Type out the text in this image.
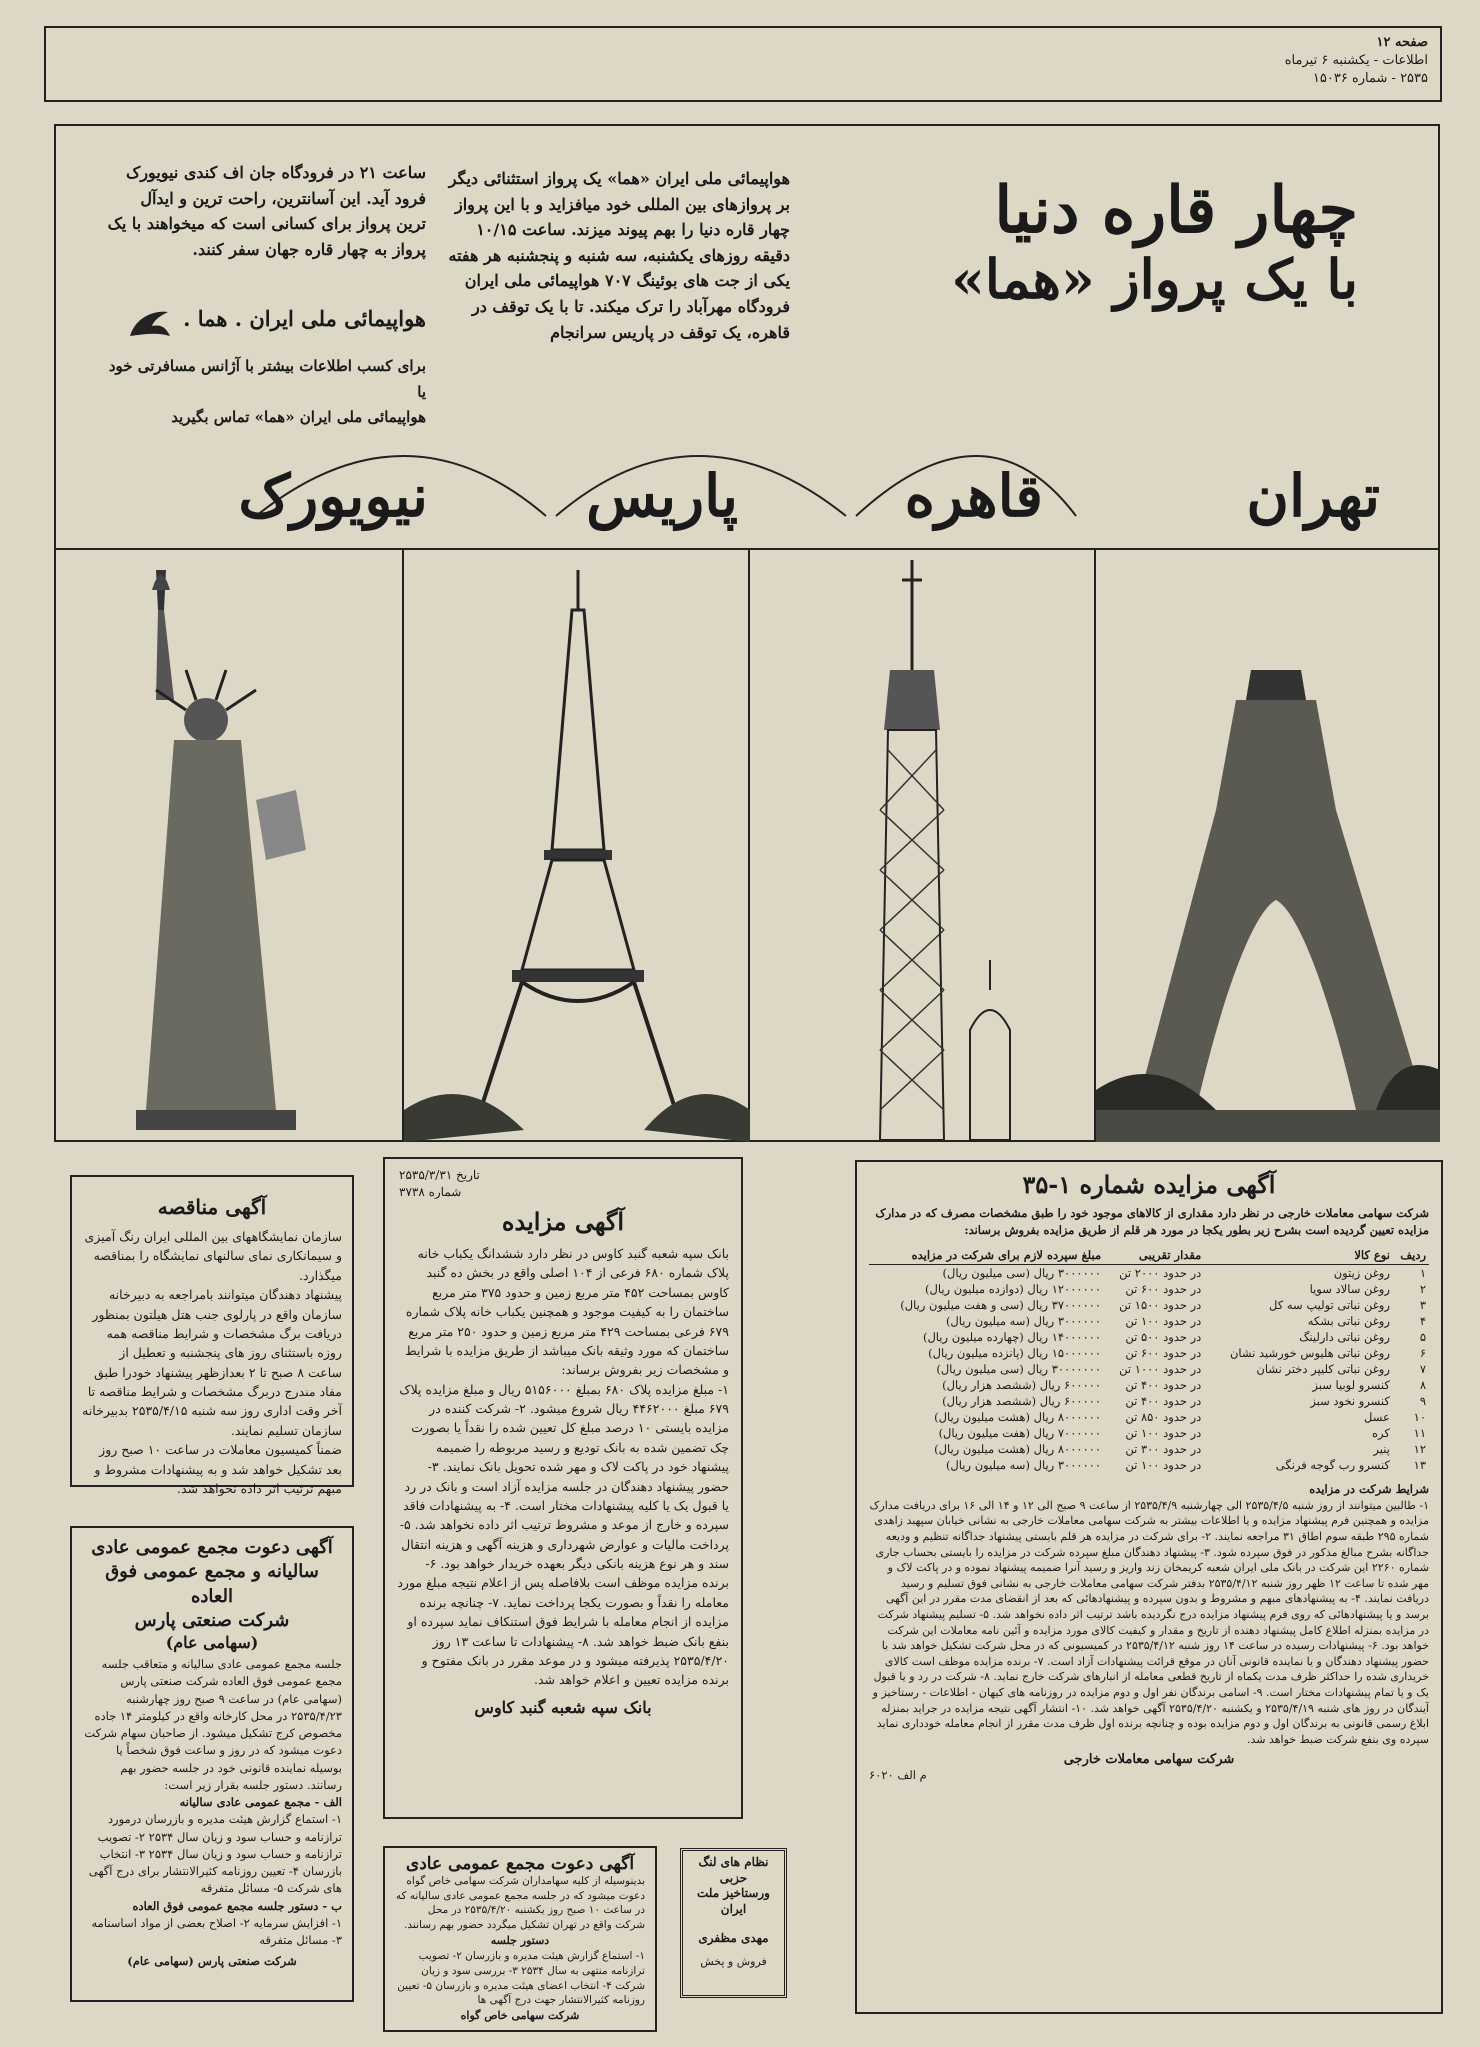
صفحه ۱۲
اطلاعات - یکشنبه ۶ تیرماه
۲۵۳۵ - شماره ۱۵۰۳۶
چهار قاره دنیا
با یک پرواز «هما»

هواپیمائی ملی ایران «هما» یک پرواز استثنائی دیگر بر پروازهای بین المللی خود میافزاید و با این پرواز چهار قاره دنیا را بهم پیوند میزند. ساعت ۱۰/۱۵ دقیقه روزهای یکشنبه، سه شنبه و پنجشنبه هر هفته یکی از جت های بوئینگ ۷۰۷ هواپیمائی ملی ایران فرودگاه مهرآباد را ترک میکند. تا با یک توقف در قاهره، یک توقف در پاریس سرانجام

ساعت ۲۱ در فرودگاه جان اف کندی نیویورک فرود آید. این آسانترین، راحت ترین و ایدآل ترین پرواز برای کسانی است که میخواهند با یک پرواز به چهار قاره جهان سفر کنند.

هواپیمائی ملی ایران . هما .

برای کسب اطلاعات بیشتر با آژانس مسافرتی خود یا

هواپیمائی ملی ایران «هما» تماس بگیرید

تهران
قاهره
پاریس
نیویورک
آگهی مناقصه

سازمان نمایشگاههای بین المللی ایران رنگ آمیزی و سیمانکاری نمای سالنهای نمایشگاه را بمناقصه میگذارد.

پیشنهاد دهندگان میتوانند بامراجعه به دبیرخانه سازمان واقع در پارلوی جنب هتل هیلتون بمنظور دریافت برگ مشخصات و شرایط مناقصه همه روزه باستثنای روز های پنجشنبه و تعطیل از ساعت ۸ صبح تا ۲ بعدازظهر پیشنهاد خودرا طبق مفاد مندرج دربرگ مشخصات و شرایط مناقصه تا آخر وقت اداری روز سه شنبه ۲۵۳۵/۴/۱۵ بدبیرخانه سازمان تسلیم نمایند.

ضمناً کمیسیون معاملات در ساعت ۱۰ صبح روز بعد تشکیل خواهد شد و به پیشنهادات مشروط و مبهم ترتیب اثر داده نخواهد شد.

آگهی دعوت مجمع عمومی عادی
سالیانه و مجمع عمومی فوق العاده
شرکت صنعتی پارس
(سهامی عام)

جلسه مجمع عمومی عادی سالیانه و متعاقب جلسه مجمع عمومی فوق العاده شرکت صنعتی پارس (سهامی عام) در ساعت ۹ صبح روز چهارشنبه ۲۵۳۵/۴/۲۳ در محل کارخانه واقع در کیلومتر ۱۴ جاده مخصوص کرج تشکیل میشود. از صاحبان سهام شرکت دعوت میشود که در روز و ساعت فوق شخصاً یا بوسیله نماینده قانونی خود در جلسه حضور بهم رسانند. دستور جلسه بقرار زیر است:

الف - مجمع عمومی عادی سالیانه

۱- استماع گزارش هیئت مدیره و بازرسان درمورد ترازنامه و حساب سود و زیان سال ۲۵۳۴ ۲- تصویب ترازنامه و حساب سود و زیان سال ۲۵۳۴ ۳- انتخاب بازرسان ۴- تعیین روزنامه کثیرالانتشار برای درج آگهی های شرکت ۵- مسائل متفرقه

ب - دستور جلسه مجمع عمومی فوق العاده

۱- افزایش سرمایه ۲- اصلاح بعضی از مواد اساسنامه ۳- مسائل متفرقه

شرکت صنعتی پارس (سهامی عام)

تاریخ ۲۵۳۵/۳/۳۱
شماره ۳۷۳۸
آگهی مزایده

بانک سپه شعبه گنبد کاوس در نظر دارد ششدانگ یکباب خانه پلاک شماره ۶۸۰ فرعی از ۱۰۴ اصلی واقع در بخش ده گنبد کاوس بمساحت ۴۵۲ متر مربع زمین و حدود ۳۷۵ متر مربع ساختمان را به کیفیت موجود و همچنین یکباب خانه پلاک شماره ۶۷۹ فرعی بمساحت ۴۲۹ متر مربع زمین و حدود ۲۵۰ متر مربع ساختمان که مورد وثیقه بانک میباشد از طریق مزایده با شرایط و مشخصات زیر بفروش برساند:

۱- مبلغ مزایده پلاک ۶۸۰ بمبلغ ۵۱۵۶۰۰۰ ریال و مبلغ مزایده پلاک ۶۷۹ مبلغ ۴۴۶۲۰۰۰ ریال شروع میشود. ۲- شرکت کننده در مزایده بایستی ۱۰ درصد مبلغ کل تعیین شده را نقداً یا بصورت چک تضمین شده به بانک تودیع و رسید مربوطه را ضمیمه پیشنهاد خود در پاکت لاک و مهر شده تحویل بانک نمایند. ۳- حضور پیشنهاد دهندگان در جلسه مزایده آزاد است و بانک در رد یا قبول یک یا کلیه پیشنهادات مختار است. ۴- به پیشنهادات فاقد سپرده و خارج از موعد و مشروط ترتیب اثر داده نخواهد شد. ۵- پرداخت مالیات و عوارض شهرداری و هزینه آگهی و هزینه انتقال سند و هر نوع هزینه بانکی دیگر بعهده خریدار خواهد بود. ۶- برنده مزایده موظف است بلافاصله پس از اعلام نتیجه مبلغ مورد معامله را نقداً و بصورت یکجا پرداخت نماید. ۷- چنانچه برنده مزایده از انجام معامله با شرایط فوق استنکاف نماید سپرده او بنفع بانک ضبط خواهد شد. ۸- پیشنهادات تا ساعت ۱۳ روز ۲۵۳۵/۴/۲۰ پذیرفته میشود و در موعد مقرر در بانک مفتوح و برنده مزایده تعیین و اعلام خواهد شد.

بانک سپه شعبه گنبد کاوس

آگهی دعوت مجمع عمومی عادی

بدینوسیله از کلیه سهامداران شرکت سهامی خاص گواه دعوت میشود که در جلسه مجمع عمومی عادی سالیانه که در ساعت ۱۰ صبح روز یکشنبه ۲۵۳۵/۴/۲۰ در محل شرکت واقع در تهران تشکیل میگردد حضور بهم رسانند.

دستور جلسه

۱- استماع گزارش هیئت مدیره و بازرسان ۲- تصویب ترازنامه منتهی به سال ۲۵۳۴ ۳- بررسی سود و زیان شرکت ۴- انتخاب اعضای هیئت مدیره و بازرسان ۵- تعیین روزنامه کثیرالانتشار جهت درج آگهی ها

شرکت سهامی خاص گواه

نظام های لنگ حزبی

ورستاخیز ملت ایران

مهدی مظفری

فروش و پخش

آگهی مزایده شماره ۱-۳۵

شرکت سهامی معاملات خارجی در نظر دارد مقداری از کالاهای موجود خود را طبق مشخصات مصرف که در مدارک مزایده تعیین گردیده است بشرح زیر بطور یکجا در مورد هر قلم از طریق مزایده بفروش برساند:

ردیف	نوع کالا	مقدار تقریبی	مبلغ سپرده لازم برای شرکت در مزایده
۱	روغن زیتون	در حدود ۲۰۰۰ تن	۳۰۰۰۰۰۰ ریال (سی میلیون ریال)
۲	روغن سالاد سویا	در حدود ۶۰۰ تن	۱۲۰۰۰۰۰۰ ریال (دوازده میلیون ریال)
۳	روغن نباتی تولیپ سه کل	در حدود ۱۵۰۰ تن	۳۷۰۰۰۰۰۰ ریال (سی و هفت میلیون ریال)
۴	روغن نباتی بشکه	در حدود ۱۰۰ تن	۳۰۰۰۰۰۰ ریال (سه میلیون ریال)
۵	روغن نباتی دارلینگ	در حدود ۵۰۰ تن	۱۴۰۰۰۰۰۰ ریال (چهارده میلیون ریال)
۶	روغن نباتی هلیوس خورشید نشان	در حدود ۶۰۰ تن	۱۵۰۰۰۰۰۰ ریال (پانزده میلیون ریال)
۷	روغن نباتی کلیپر دختر نشان	در حدود ۱۰۰۰ تن	۳۰۰۰۰۰۰۰ ریال (سی میلیون ریال)
۸	کنسرو لوبیا سبز	در حدود ۴۰۰ تن	۶۰۰۰۰۰ ریال (ششصد هزار ریال)
۹	کنسرو نخود سبز	در حدود ۴۰۰ تن	۶۰۰۰۰۰ ریال (ششصد هزار ریال)
۱۰	عسل	در حدود ۸۵۰ تن	۸۰۰۰۰۰۰ ریال (هشت میلیون ریال)
۱۱	کره	در حدود ۱۰۰ تن	۷۰۰۰۰۰۰ ریال (هفت میلیون ریال)
۱۲	پنیر	در حدود ۳۰۰ تن	۸۰۰۰۰۰۰ ریال (هشت میلیون ریال)
۱۳	کنسرو رب گوجه فرنگی	در حدود ۱۰۰ تن	۳۰۰۰۰۰۰ ریال (سه میلیون ریال)

شرایط شرکت در مزایده

۱- طالبین میتوانند از روز شنبه ۲۵۳۵/۴/۵ الی چهارشنبه ۲۵۳۵/۴/۹ از ساعت ۹ صبح الی ۱۲ و ۱۴ الی ۱۶ برای دریافت مدارک مزایده و همچنین فرم پیشنهاد مزایده و یا اطلاعات بیشتر به شرکت سهامی معاملات خارجی به نشانی خیابان سپهبد زاهدی شماره ۲۹۵ طبقه سوم اطاق ۳۱ مراجعه نمایند. ۲- برای شرکت در مزایده هر قلم بایستی پیشنهاد جداگانه تنظیم و ودیعه جداگانه بشرح مبالغ مذکور در فوق سپرده شود. ۳- پیشنهاد دهندگان مبلغ سپرده شرکت در مزایده را بایستی بحساب جاری شماره ۲۲۶۰ این شرکت در بانک ملی ایران شعبه کریمخان زند واریز و رسید آنرا ضمیمه پیشنهاد نموده و در پاکت لاک و مهر شده تا ساعت ۱۲ ظهر روز شنبه ۲۵۳۵/۴/۱۲ بدفتر شرکت سهامی معاملات خارجی به نشانی فوق تسلیم و رسید دریافت نمایند. ۴- به پیشنهادهای مبهم و مشروط و بدون سپرده و پیشنهادهائی که بعد از انقضای مدت مقرر در این آگهی برسد و یا پیشنهادهائی که روی فرم پیشنهاد مزایده درج نگردیده باشد ترتیب اثر داده نخواهد شد. ۵- تسلیم پیشنهاد شرکت در مزایده بمنزله اطلاع کامل پیشنهاد دهنده از تاریخ و مقدار و کیفیت کالای مورد مزایده و آئین نامه معاملات این شرکت خواهد بود. ۶- پیشنهادات رسیده در ساعت ۱۴ روز شنبه ۲۵۳۵/۴/۱۲ در کمیسیونی که در محل شرکت تشکیل خواهد شد با حضور پیشنهاد دهندگان و یا نماینده قانونی آنان در موقع قرائت پیشنهادات آزاد است. ۷- برنده مزایده موظف است کالای خریداری شده را حداکثر ظرف مدت یکماه از تاریخ قطعی معامله از انبارهای شرکت خارج نماید. ۸- شرکت در رد و یا قبول یک و یا تمام پیشنهادات مختار است. ۹- اسامی برندگان نفر اول و دوم مزایده در روزنامه های کیهان - اطلاعات - رستاخیز و آیندگان در روز های شنبه ۲۵۳۵/۴/۱۹ و یکشنبه ۲۵۳۵/۴/۲۰ آگهی خواهد شد. ۱۰- انتشار آگهی نتیجه مزایده در جراید بمنزله ابلاغ رسمی قانونی به برندگان اول و دوم مزایده بوده و چنانچه برنده اول ظرف مدت مقرر از انجام معامله خودداری نماید سپرده وی بنفع شرکت ضبط خواهد شد.

شرکت سهامی معاملات خارجی

م الف ۶۰۲۰
